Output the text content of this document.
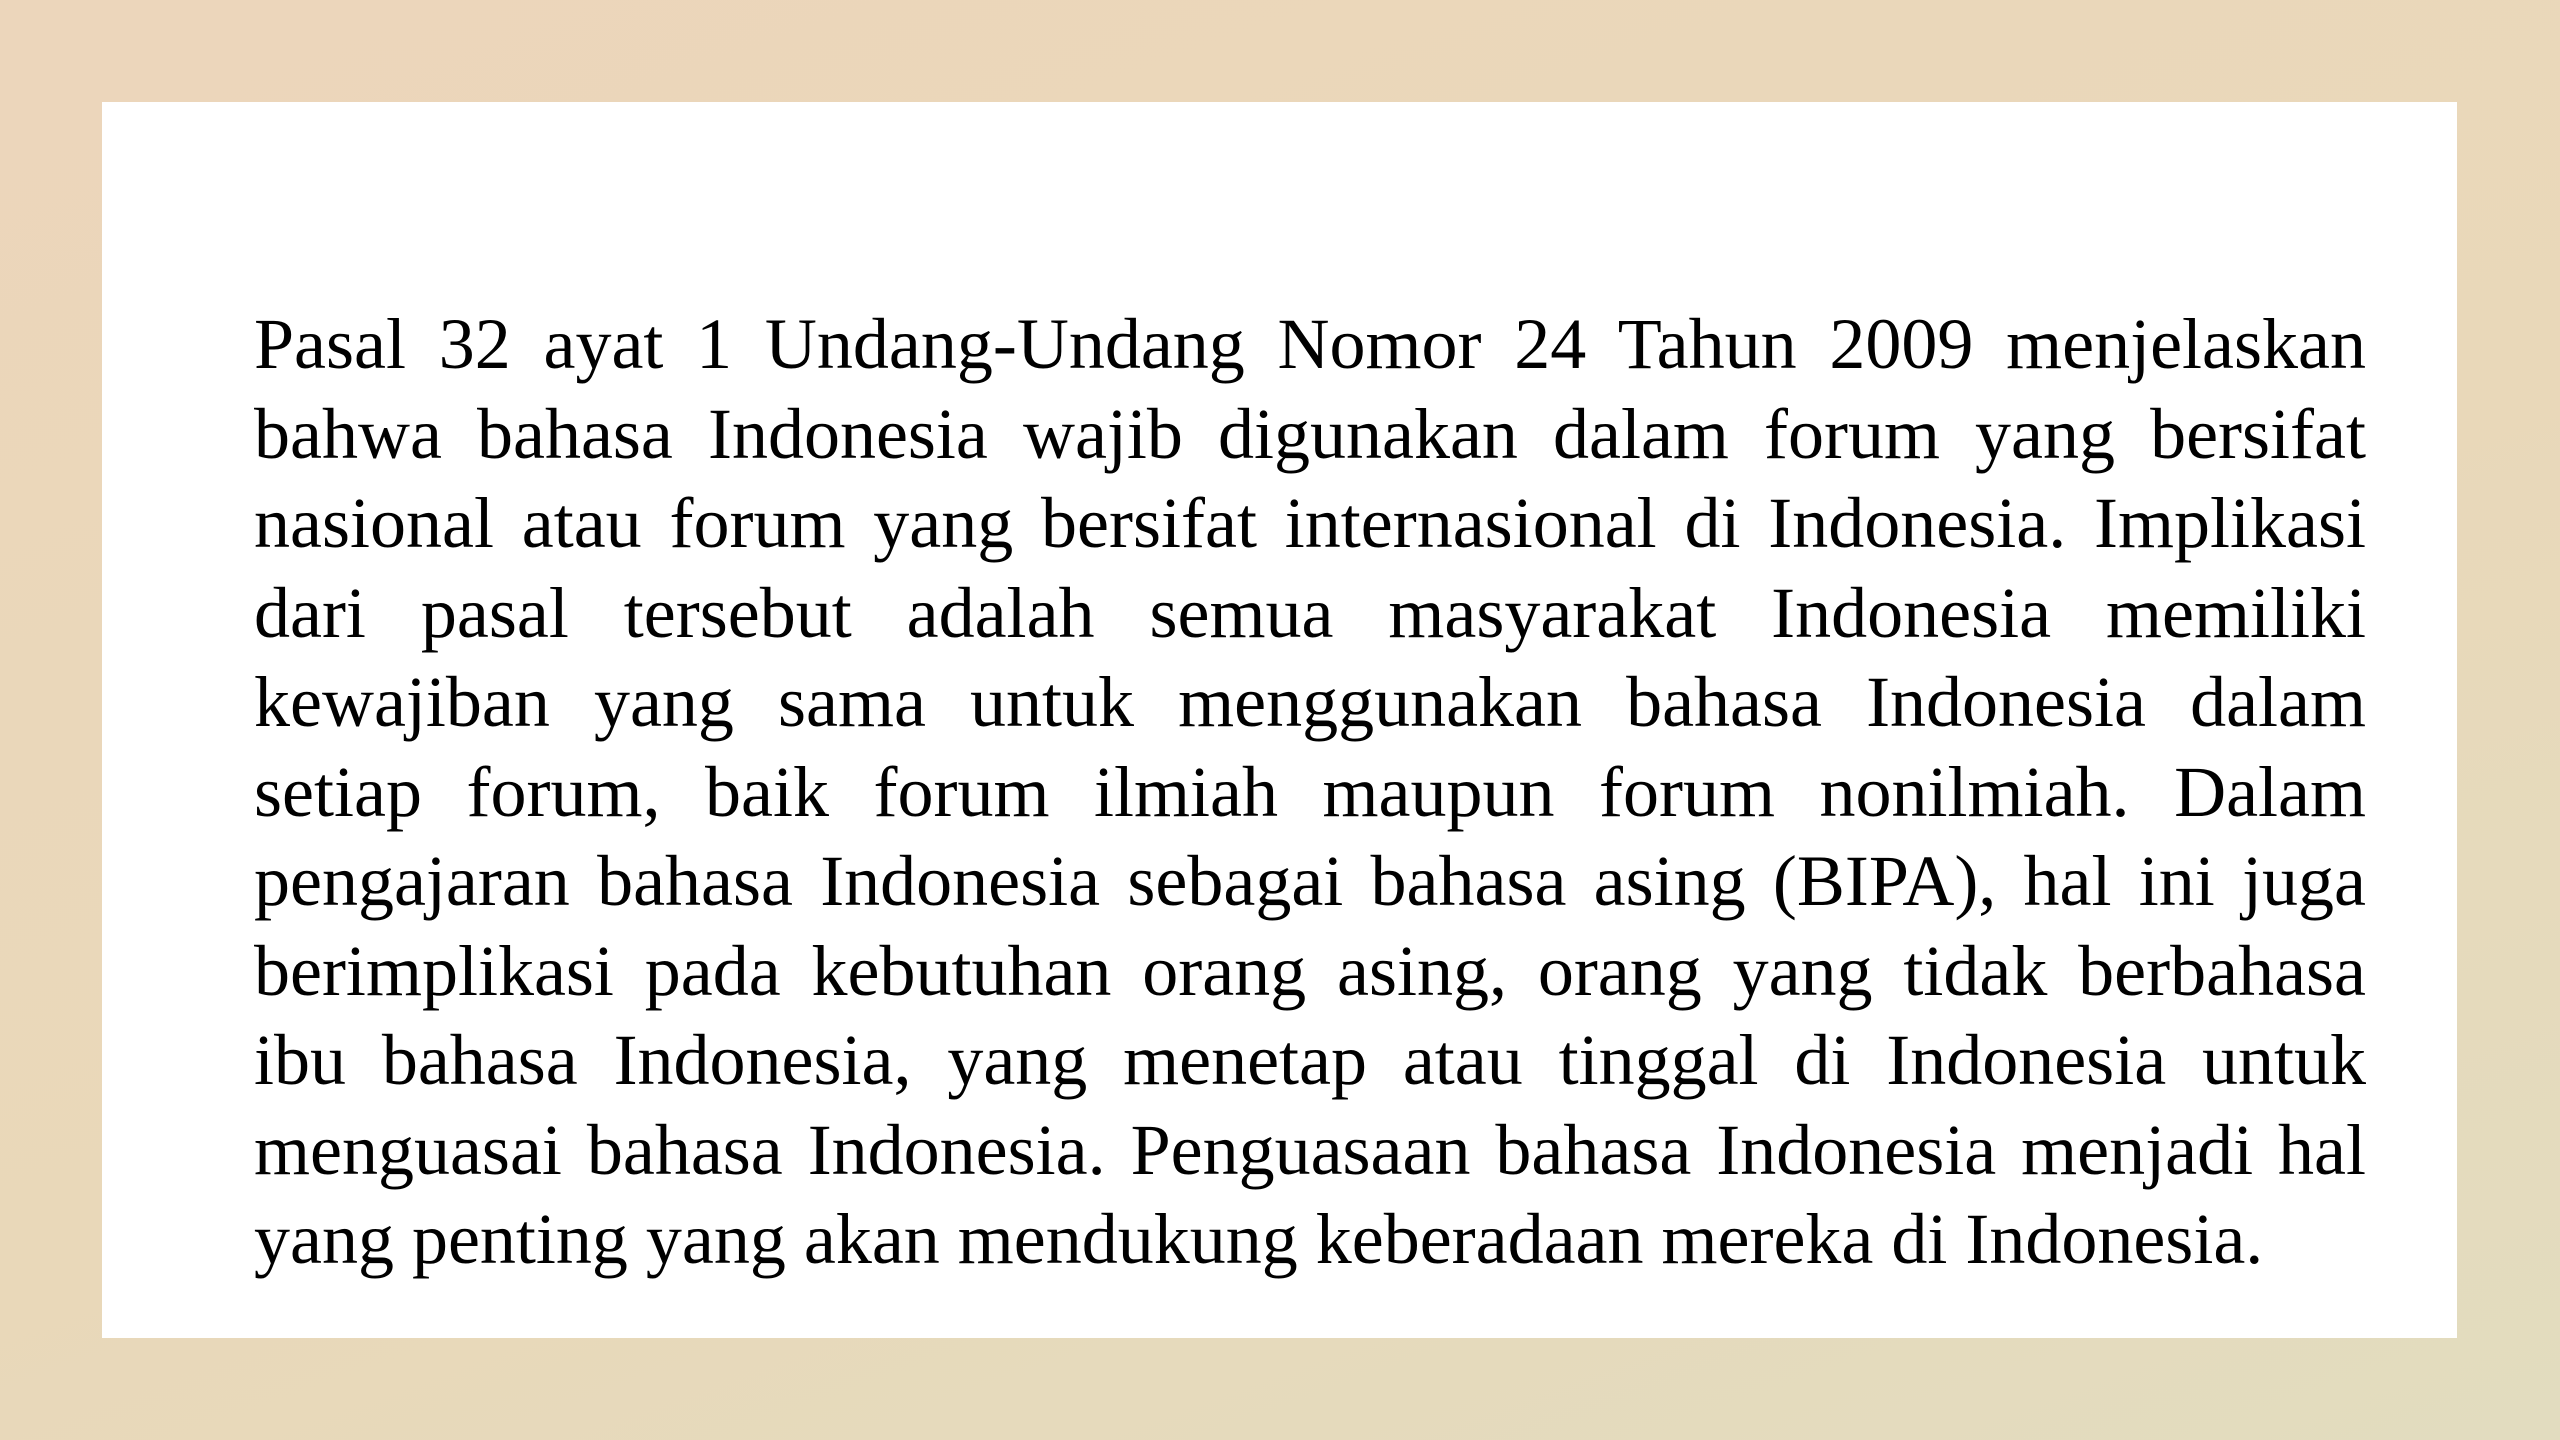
Pasal 32 ayat 1 Undang-Undang Nomor 24 Tahun 2009 menjelaskan bahwa bahasa Indonesia wajib digunakan dalam forum yang bersifat nasional atau forum yang bersifat internasional di Indonesia. Implikasi dari pasal tersebut adalah semua masyarakat Indonesia memiliki kewajiban yang sama untuk menggunakan bahasa Indonesia dalam setiap forum, baik forum ilmiah maupun forum nonilmiah. Dalam pengajaran bahasa Indonesia sebagai bahasa asing (BIPA), hal ini juga berimplikasi pada kebutuhan orang asing, orang yang tidak berbahasa ibu bahasa Indonesia, yang menetap atau tinggal di Indonesia untuk menguasai bahasa Indonesia. Penguasaan bahasa Indonesia menjadi hal yang penting yang akan mendukung keberadaan mereka di Indonesia.
